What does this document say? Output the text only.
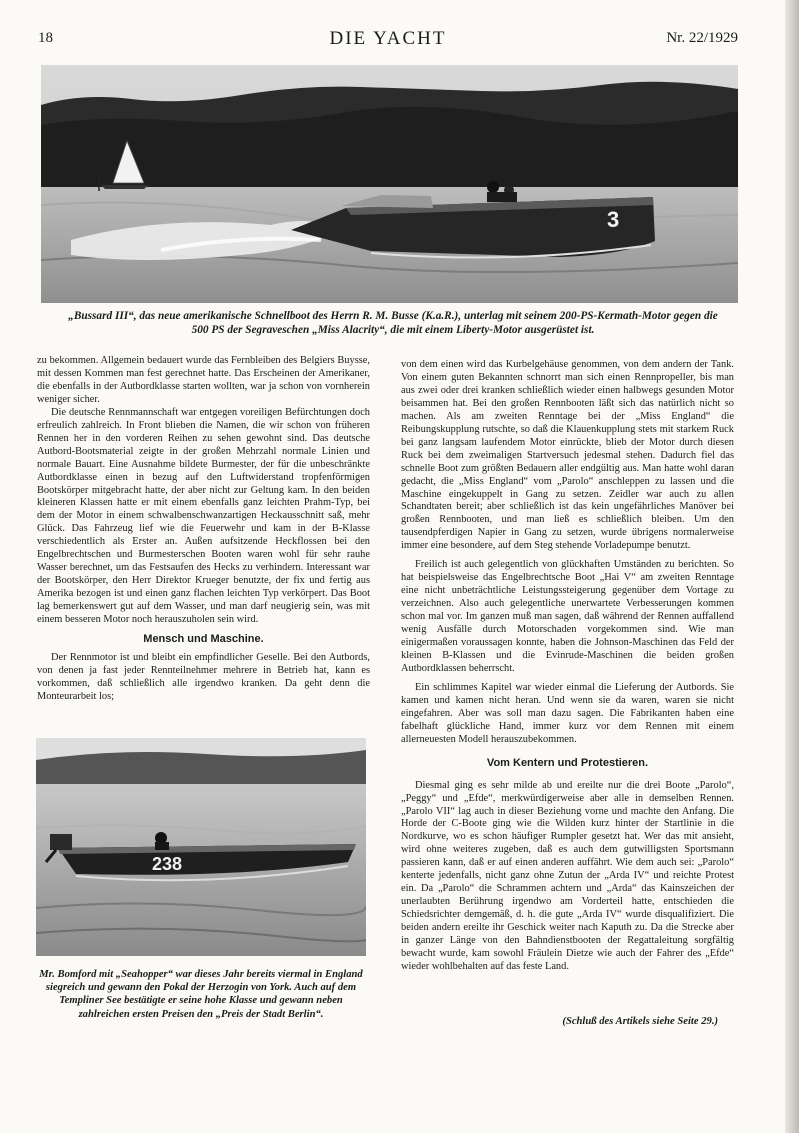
18	DIE YACHT	Nr. 22/1929
3
„Bussard III“, das neue amerikanische Schnellboot des Herrn R. M. Busse (K.a.R.), unterlag mit seinem 200-PS-Kermath-Motor gegen die 500 PS der Segraveschen „Miss Alacrity“, die mit einem Liberty-Motor ausgerüstet ist.

zu bekommen. Allgemein bedauert wurde das Fernbleiben des Belgiers Buysse, mit dessen Kommen man fest gerechnet hatte. Das Erscheinen der Amerikaner, die ebenfalls in der Autbordklasse starten wollten, war ja schon von vornherein weniger sicher.

Die deutsche Rennmannschaft war entgegen voreiligen Befürchtungen doch erfreulich zahlreich. In Front blieben die Namen, die wir schon von früheren Rennen her in den vorderen Reihen zu sehen gewohnt sind. Das deutsche Autbord-Bootsmaterial zeigte in der großen Mehrzahl normale Linien und normale Bauart. Eine Ausnahme bildete Burmester, der für die unbeschränkte Autbordklasse einen in bezug auf den Luftwiderstand tropfenförmigen Bootskörper mitgebracht hatte, der aber nicht zur Geltung kam. In den beiden kleineren Klassen hatte er mit einem ebenfalls ganz leichten Prahm-Typ, bei dem der Motor in einem schwalbenschwanzartigen Heckausschnitt saß, mehr Glück. Das Fahrzeug lief wie die Feuerwehr und kam in der B-Klasse verschiedentlich als Erster an. Außen aufsitzende Heckflossen bei den Engelbrechtschen und Burmesterschen Booten waren wohl für sehr rauhe Wasser berechnet, um das Festsaufen des Hecks zu verhindern. Interessant war der Bootskörper, den Herr Direktor Krueger benutzte, der fix und fertig aus Amerika bezogen ist und einen ganz flachen leichten Typ verkörpert. Das Boot lag bemerkenswert gut auf dem Wasser, und man darf neugierig sein, was mit einem besseren Motor noch herauszuholen sein wird.

Mensch und Maschine.

Der Rennmotor ist und bleibt ein empfindlicher Geselle. Bei den Autbords, von denen ja fast jeder Rennteilnehmer mehrere in Betrieb hat, kann es vorkommen, daß schließlich alle irgendwo kranken. Da geht denn die Monteurarbeit los;

238
Mr. Bomford mit „Seahopper“ war dieses Jahr bereits viermal in England siegreich und gewann den Pokal der Herzogin von York. Auch auf dem Templiner See bestätigte er seine hohe Klasse und gewann neben zahlreichen ersten Preisen den „Preis der Stadt Berlin“.

von dem einen wird das Kurbelgehäuse genommen, von dem andern der Tank. Von einem guten Bekannten schnorrt man sich einen Rennpropeller, bis man aus zwei oder drei kranken schließlich wieder einen halbwegs gesunden Motor beisammen hat. Bei den großen Rennbooten läßt sich das natürlich nicht so machen. Als am zweiten Renntage bei der „Miss England“ die Reibungskupplung rutschte, so daß die Klauenkupplung stets mit starkem Ruck bei ganz langsam laufendem Motor einrückte, blieb der Motor durch diesen Ruck bei dem zweimaligen Startversuch jedesmal stehen. Dadurch fiel das schnelle Boot zum größten Bedauern aller endgültig aus. Man hatte wohl daran gedacht, die „Miss England“ vom „Parolo“ anschleppen zu lassen und die Maschine eingekuppelt in Gang zu setzen. Zeidler war auch zu allen Schandtaten bereit; aber schließlich ist das kein ungefährliches Manöver bei großen Rennbooten, und man ließ es schließlich bleiben. Um den tausendpferdigen Napier in Gang zu setzen, wurde übrigens normalerweise immer eine besondere, auf dem Steg stehende Vorladepumpe benutzt.

Freilich ist auch gelegentlich von glückhaften Umständen zu berichten. So hat beispielsweise das Engelbrechtsche Boot „Hai V“ am zweiten Renntage eine nicht unbeträchtliche Leistungssteigerung gegenüber dem Vortage zu verzeichnen. Also auch gelegentliche unerwartete Verbesserungen kommen schon mal vor. Im ganzen muß man sagen, daß während der Rennen auffallend wenig Ausfälle durch Motorschaden vorgekommen sind. Wie man einigermaßen voraussagen konnte, haben die Johnson-Maschinen das Feld der kleinen B-Klassen und die Evinrude-Maschinen die beiden großen Autbordklassen beherrscht.

Ein schlimmes Kapitel war wieder einmal die Lieferung der Autbords. Sie kamen und kamen nicht heran. Und wenn sie da waren, waren sie nicht eingefahren. Aber was soll man dazu sagen. Die Fabrikanten haben eine fabelhaft glückliche Hand, immer kurz vor dem Rennen mit einem allerneuesten Modell herauszubekommen.

Vom Kentern und Protestieren.

Diesmal ging es sehr milde ab und ereilte nur die drei Boote „Parolo“, „Peggy“ und „Efde“, merkwürdigerweise aber alle in demselben Rennen. „Parolo VII“ lag auch in dieser Beziehung vorne und machte den Anfang. Die Horde der C-Boote ging wie die Wilden kurz hinter der Startlinie in die Nordkurve, wo es schon häufiger Rumpler gesetzt hat. Wer das mit ansieht, wird ohne weiteres zugeben, daß es auch dem gutwilligsten Sportsmann passieren kann, daß er auf einen anderen auffährt. Wie dem auch sei: „Parolo“ kenterte jedenfalls, nicht ganz ohne Zutun der „Arda IV“ und reichte Protest ein. Da „Parolo“ die Schrammen achtern und „Arda“ das Kainszeichen der unerlaubten Berührung irgendwo am Vorderteil hatte, entschieden die Schiedsrichter demgemäß, d. h. die gute „Arda IV“ wurde disqualifiziert. Die beiden andern ereilte ihr Geschick weiter nach Kaputh zu. Da die Strecke aber in ganzer Länge von den Bahndienstbooten der Regattaleitung sorgfältig bewacht wurde, kam sowohl Fräulein Dietze wie auch der Fahrer des „Efde“ wieder wohlbehalten auf das feste Land.

(Schluß des Artikels siehe Seite 29.)
